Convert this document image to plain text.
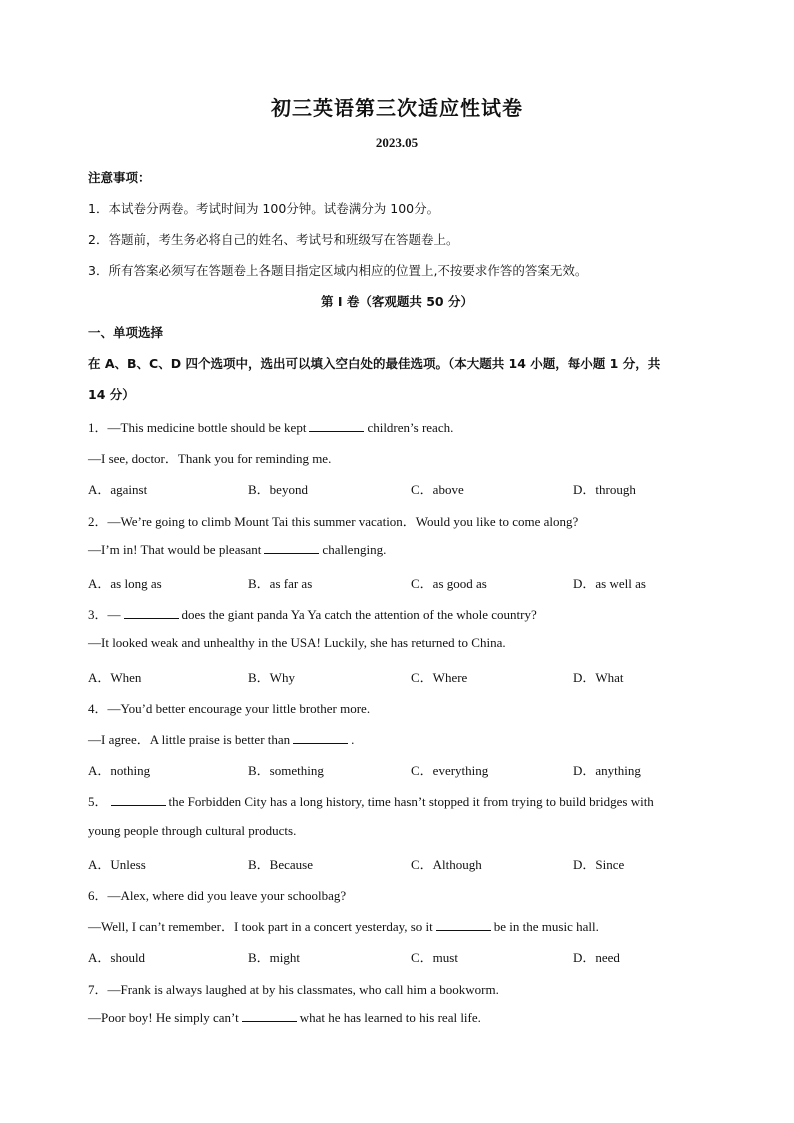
初三英语第三次适应性试卷
2023.05
注意事项：
1．本试卷分两卷。考试时间为 100分钟。试卷满分为 100分。
2．答题前，考生务必将自己的姓名、考试号和班级写在答题卷上。
3．所有答案必须写在答题卷上各题目指定区域内相应的位置上,不按要求作答的答案无效。
第 I 卷（客观题共 50 分）
一、单项选择
在 A、B、C、D 四个选项中，选出可以填入空白处的最佳选项。（本大题共 14 小题，每小题 1 分，共
14 分）
1．—This medicine bottle should be kept	children’s reach.
—I see, doctor．Thank you for reminding me.
A．against	B．beyond	C．above	D．through
2．—We’re going to climb Mount Tai this summer vacation．Would you like to come along?
—I’m in! That would be pleasant	challenging.
A．as long as	B．as far as	C．as good as	D．as well as
3．—	does the giant panda Ya Ya catch the attention of the whole country?
—It looked weak and unhealthy in the USA! Luckily, she has returned to China.
A．When	B．Why	C．Where	D．What
4．—You’d better encourage your little brother more.
—I agree．A little praise is better than	.
A．nothing	B．something	C．everything	D．anything
5．	the Forbidden City has a long history, time hasn’t stopped it from trying to build bridges with
young people through cultural products.
A．Unless	B．Because	C．Although	D．Since
6．—Alex, where did you leave your schoolbag?
—Well, I can’t remember．I took part in a concert yesterday, so it	be in the music hall.
A．should	B．might	C．must	D．need
7．—Frank is always laughed at by his classmates, who call him a bookworm.
—Poor boy! He simply can’t	what he has learned to his real life.
